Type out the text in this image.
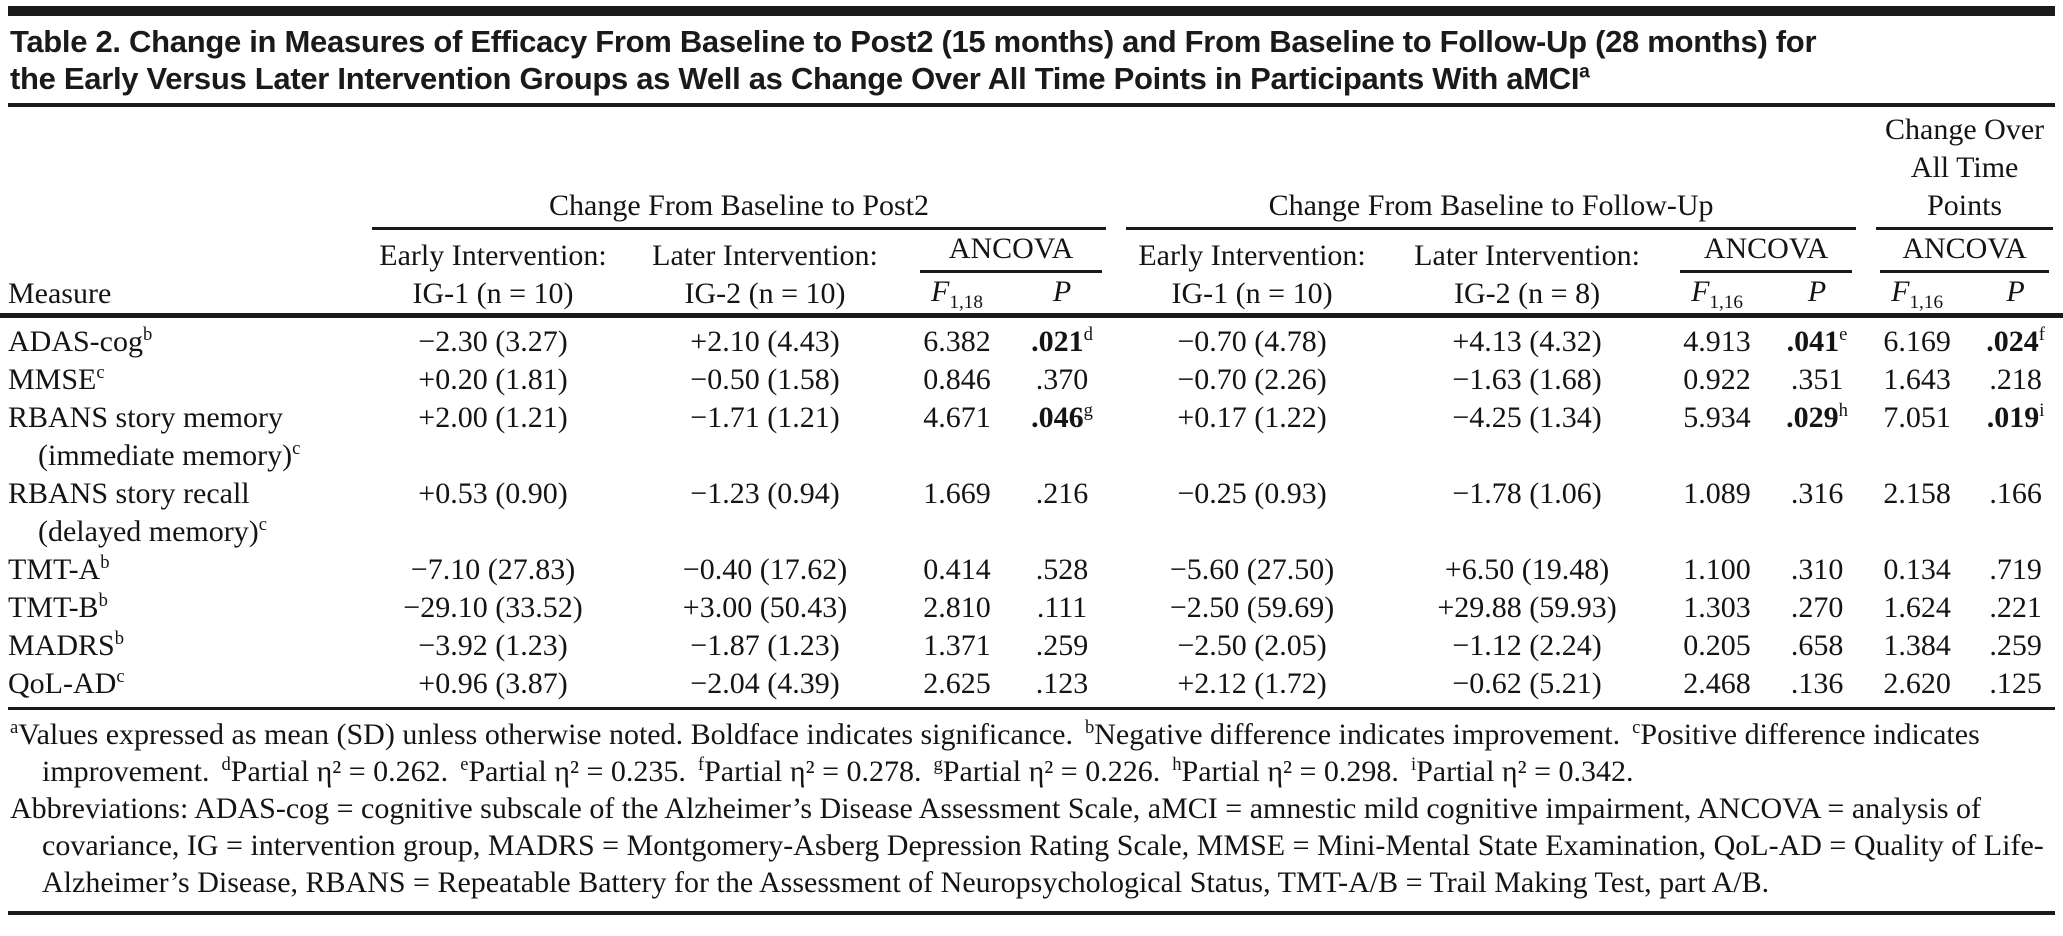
Table 2. Change in Measures of Efficacy From Baseline to Post2 (15 months) and From Baseline to Follow-Up (28 months) for
the Early Versus Later Intervention Groups as Well as Change Over All Time Points in Participants With aMCI$^a$
Measure	Change From Baseline to Post2				Change From Baseline to Follow-Up				Change Over All Time Points	

	Early Intervention:
IG-1 (n = 10)	Later Intervention:
IG-2 (n = 10)	ANCOVA		Early Intervention:
IG-1 (n = 10)	Later Intervention:
IG-2 (n = 8)	ANCOVA		ANCOVA	

			$F_{1,18}$	P			$F_{1,16}$	P	$F_{1,16}$	P
ADAS-cog$^b$	−2.30 (3.27)	+2.10 (4.43)	6.382	.021$^d$	−0.70 (4.78)	+4.13 (4.32)	4.913	.041e	6.169	.024$^f$
$MMSE^c$	+0.20 (1.81)	−0.50 (1.58)	0.846	.370	−0.70 (2.26)	−1.63 (1.68)	0.922	.351	1.643	.218
RBANS story memory
(immediate memory)$^c$	+2.00 (1.21)	−1.71 (1.21)	4.671	.046$^g$	+0.17 (1.22)	−4.25 (1.34)	5.934	.029$^h$	7.051	.019$^i$
RBANS story recall
(delayed memory)$^c$	+0.53 (0.90)	−1.23 (0.94)	1.669	.216	−0.25 (0.93)	−1.78 (1.06)	1.089	.316	2.158	.166
TMT-$A^b$	−7.10 (27.83)	−0.40 (17.62)	0.414	.528	−5.60 (27.50)	+6.50 (19.48)	1.100	.310	0.134	.719
TMT-$B^b$	−29.10 (33.52)	+3.00 (50.43)	2.810	.111	−2.50 (59.69)	+29.88 (59.93)	1.303	.270	1.624	.221
$MADRS^b$	−3.92 (1.23)	−1.87 (1.23)	1.371	.259	−2.50 (2.05)	−1.12 (2.24)	0.205	.658	1.384	.259
QoL-$AD^c$	+0.96 (3.87)	−2.04 (4.39)	2.625	.123	+2.12 (1.72)	−0.62 (5.21)	2.468	.136	2.620	.125

$^a$Values expressed as mean (SD) unless otherwise noted. Boldface indicates significance. $^b$Negative difference indicates improvement. $^c$Positive difference indicates improvement. $^d$Partial η² = 0.262. $^e$Partial η² = 0.235. $^f$Partial η² = 0.278. $^g$Partial η² = 0.226. $^h$Partial η² = 0.298. $^i$Partial η² = 0.342.

Abbreviations: ADAS-cog = cognitive subscale of the Alzheimer’s Disease Assessment Scale, aMCI = amnestic mild cognitive impairment, ANCOVA = analysis of covariance, IG = intervention group, MADRS = Montgomery-Asberg Depression Rating Scale, MMSE = Mini-Mental State Examination, QoL-AD = Quality of Life-Alzheimer’s Disease, RBANS = Repeatable Battery for the Assessment of Neuropsychological Status, TMT-A/B = Trail Making Test, part A/B.
